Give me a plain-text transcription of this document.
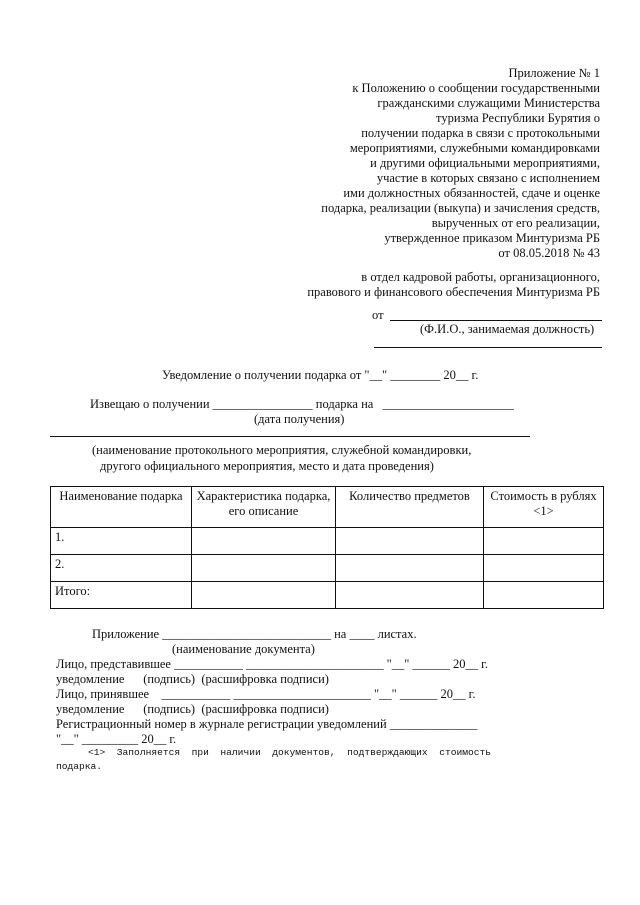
Приложение № 1
к Положению о сообщении государственными
гражданскими служащими Министерства
туризма Республики Бурятия о
получении подарка в связи с протокольными
мероприятиями, служебными командировками
и другими официальными мероприятиями,
участие в которых связано с исполнением
ими должностных обязанностей, сдаче и оценке
подарка, реализации (выкупа) и зачисления средств,
вырученных от его реализации,
утвержденное приказом Минтуризма РБ
от 08.05.2018 № 43
в отдел кадровой работы, организационного,
правового и финансового обеспечения Минтуризма РБ
от
(Ф.И.О., занимаемая должность)
Уведомление о получении подарка от "__" ________ 20__ г.
Извещаю о получении ________________ подарка на   _____________________
(дата получения)
(наименование протокольного мероприятия, служебной командировки,
другого официального мероприятия, место и дата проведения)
Наименование подарка	Характеристика подарка, его описание	Количество предметов	Стоимость в рублях <1>
1.			
2.			
Итого:			
Приложение ___________________________ на ____ листах.
(наименование документа)
Лицо, представившее ___________ ______________________ "__" ______ 20__ г.
уведомление      (подпись)  (расшифровка подписи)
Лицо, принявшее    ___________ ______________________ "__" ______ 20__ г.
уведомление      (подпись)  (расшифровка подписи)
Регистрационный номер в журнале регистрации уведомлений ______________
"__" _________ 20__ г.
<1>  Заполняется  при  наличии  документов,  подтверждающих  стоимость
подарка.
